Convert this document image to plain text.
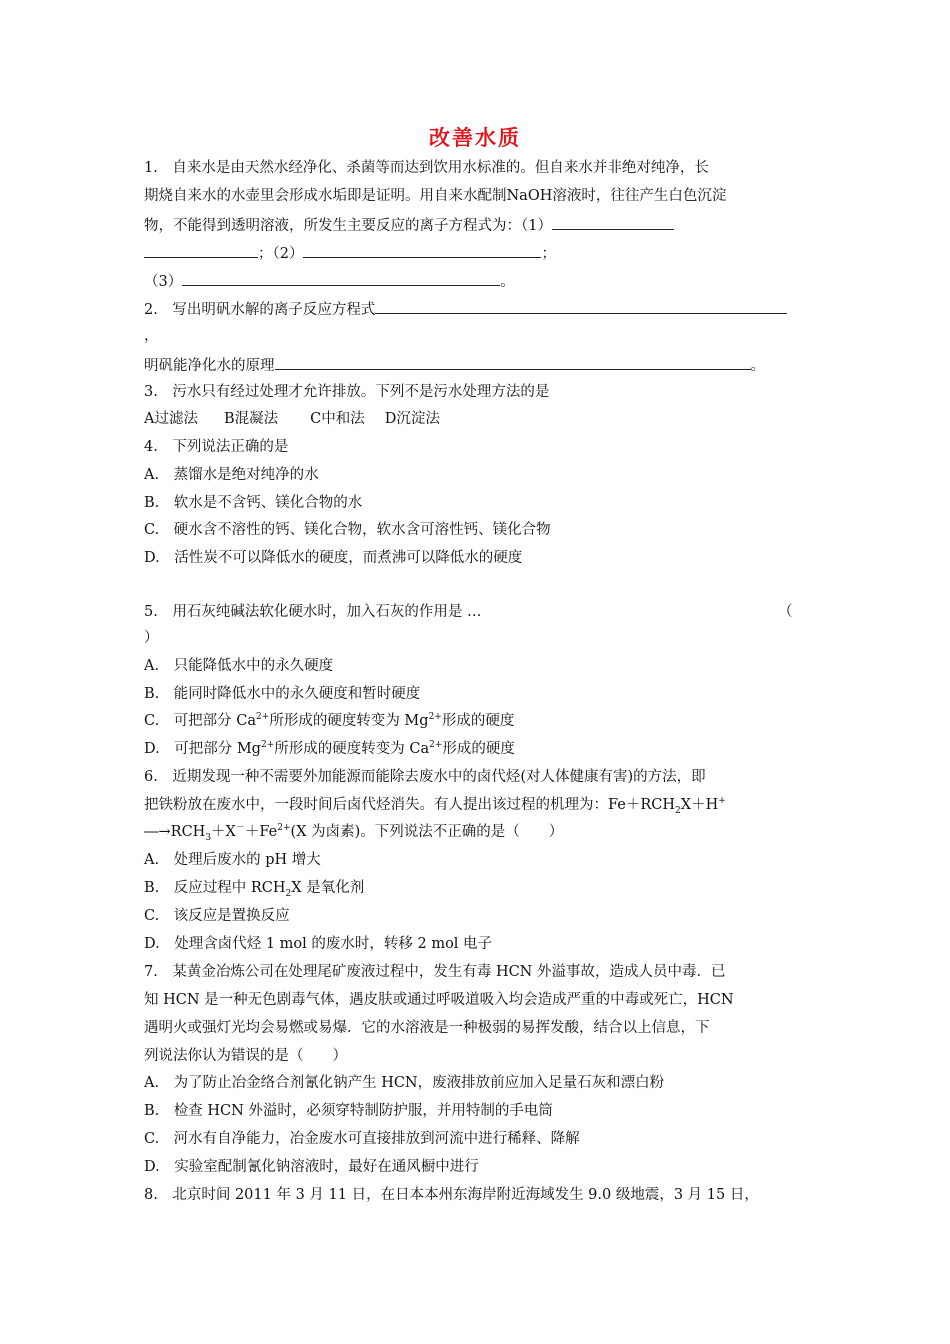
改善水质
1.　自来水是由天然水经净化、杀菌等而达到饮用水标准的。但自来水并非绝对纯净，长
期烧自来水的水壶里会形成水垢即是证明。用自来水配制NaOH溶液时，往往产生白色沉淀
物，不能得到透明溶液，所发生主要反应的离子方程式为：（1）
；（2）	；
（3）	。
2.　写出明矾水解的离子反应方程式
，
明矾能净化水的原理	。
3.　污水只有经过处理才允许排放。下列不是污水处理方法的是
A过滤法 B混凝法 C中和法 D沉淀法
4.　下列说法正确的是
A.　蒸馏水是绝对纯净的水
B.　软水是不含钙、镁化合物的水
C.　硬水含不溶性的钙、镁化合物，软水含可溶性钙、镁化合物
D.　活性炭不可以降低水的硬度，而煮沸可以降低水的硬度
5.　用石灰纯碱法软化硬水时，加入石灰的作用是 …	（
）
A.　只能降低水中的永久硬度
B.　能同时降低水中的永久硬度和暂时硬度
C.　可把部分 $Ca^{2+}$所形成的硬度转变为 $Mg^{2+}$形成的硬度
D.　可把部分 $Mg^{2+}$所形成的硬度转变为 $Ca^{2+}$形成的硬度
6.　近期发现一种不需要外加能源而能除去废水中的卤代烃(对人体健康有害)的方法，即
把铁粉放在废水中，一段时间后卤代烃消失。有人提出该过程的机理为：$Fe+RCH_2X+H^+$
$―\to RCH_3+X^-+Fe^{2+}(X$ 为卤素)。下列说法不正确的是（　　）
A.　处理后废水的 pH 增大
B.　反应过程中 $RCH_2X$ 是氧化剂
C.　该反应是置换反应
D.　处理含卤代烃 1 mol 的废水时，转移 2 mol 电子
7.　某黄金冶炼公司在处理尾矿废液过程中，发生有毒 HCN 外溢事故，造成人员中毒．已
知 HCN 是一种无色剧毒气体，遇皮肤或通过呼吸道吸入均会造成严重的中毒或死亡，HCN
遇明火或强灯光均会易燃或易爆．它的水溶液是一种极弱的易挥发酸，结合以上信息，下
列说法你认为错误的是（　　）
A.　为了防止冶金络合剂氰化钠产生 HCN，废液排放前应加入足量石灰和漂白粉
B.　检查 HCN 外溢时，必须穿特制防护服，并用特制的手电筒
C.　河水有自净能力，冶金废水可直接排放到河流中进行稀释、降解
D.　实验室配制氰化钠溶液时，最好在通风橱中进行
8.　北京时间 2011 年 3 月 11 日，在日本本州东海岸附近海域发生 9.0 级地震，3 月 15 日，
